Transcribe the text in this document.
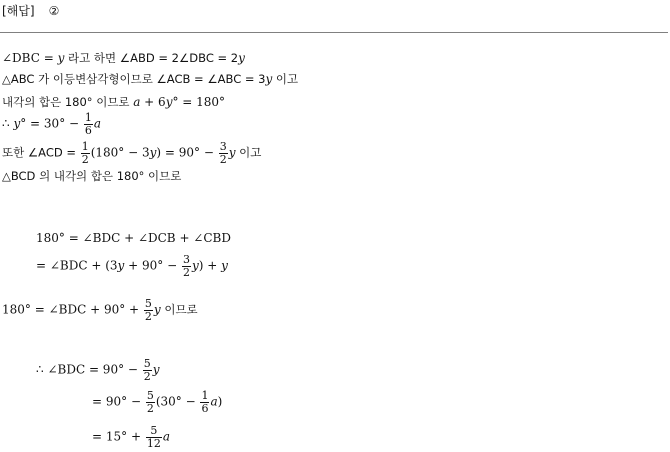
[해답] ②
∠DBC = y 라고 하면 ∠ABD = 2∠DBC = 2y
△ABC 가 이등변삼각형이므로 ∠ACB = ∠ABC = 3y 이고
내각의 합은 180° 이므로 a + 6y° = 180°
∴ $y^\circ = 30^\circ - \frac{1}{6}$ a
또한 ∠ACD = $\frac{1}{2} (180^\circ - 3y) = 90^\circ - \frac{3}{2}$ y 이고
△BCD 의 내각의 합은 180° 이므로
180° = ∠BDC + ∠DCB + ∠CBD
= ∠BDC + $(3y + 90^\circ - \frac{3}{2} y) + y$
180° = ∠BDC + $90^\circ + \frac{5}{2}$ y 이므로
∴ ∠BDC = $90^\circ - \frac{5}{2}$ y
= $90^\circ - \frac{5}{2} (30^\circ - \frac{1}{6} a)$
= $15^\circ + \frac{5}{12}$ a
